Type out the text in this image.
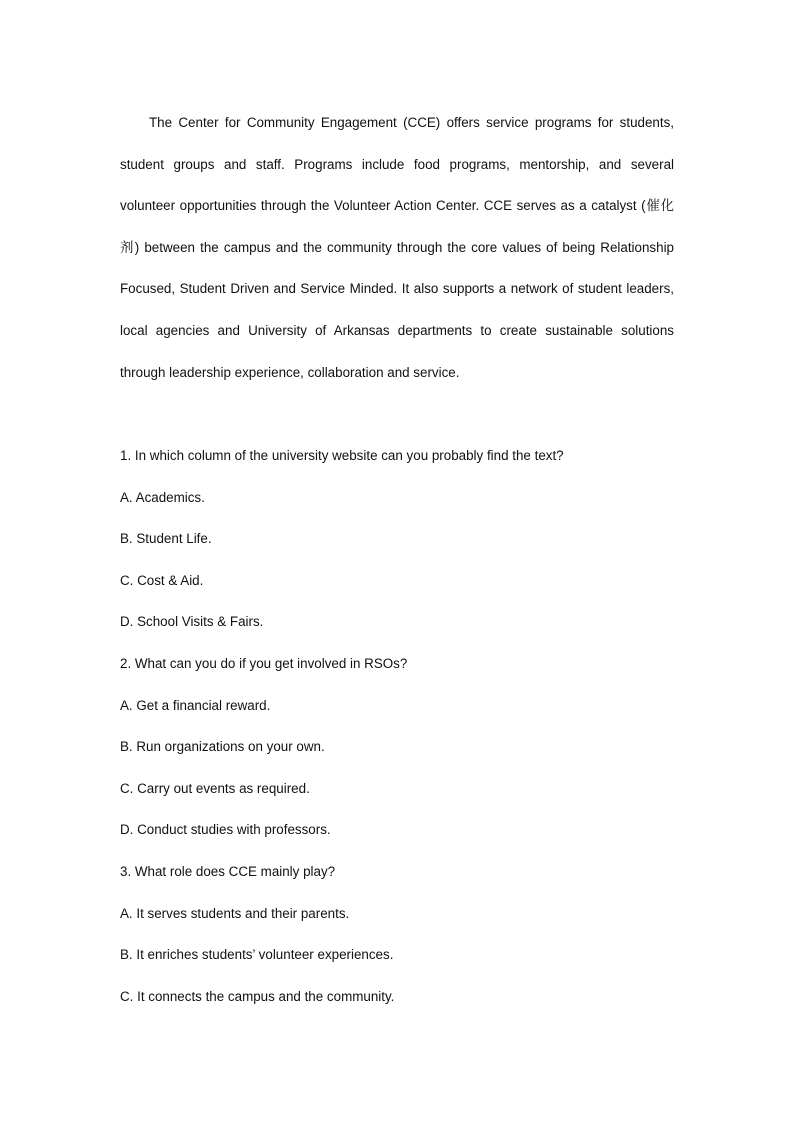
The Center for Community Engagement (CCE) offers service programs for students, student groups and staff. Programs include food programs, mentorship, and several volunteer opportunities through the Volunteer Action Center. CCE serves as a catalyst (催化剂) between the campus and the community through the core values of being Relationship Focused, Student Driven and Service Minded. It also supports a network of student leaders, local agencies and University of Arkansas departments to create sustainable solutions through leadership experience, collaboration and service.

1. In which column of the university website can you probably find the text?
A. Academics.
B. Student Life.
C. Cost & Aid.
D. School Visits & Fairs.
2. What can you do if you get involved in RSOs?
A. Get a financial reward.
B. Run organizations on your own.
C. Carry out events as required.
D. Conduct studies with professors.
3. What role does CCE mainly play?
A. It serves students and their parents.
B. It enriches students’ volunteer experiences.
C. It connects the campus and the community.
